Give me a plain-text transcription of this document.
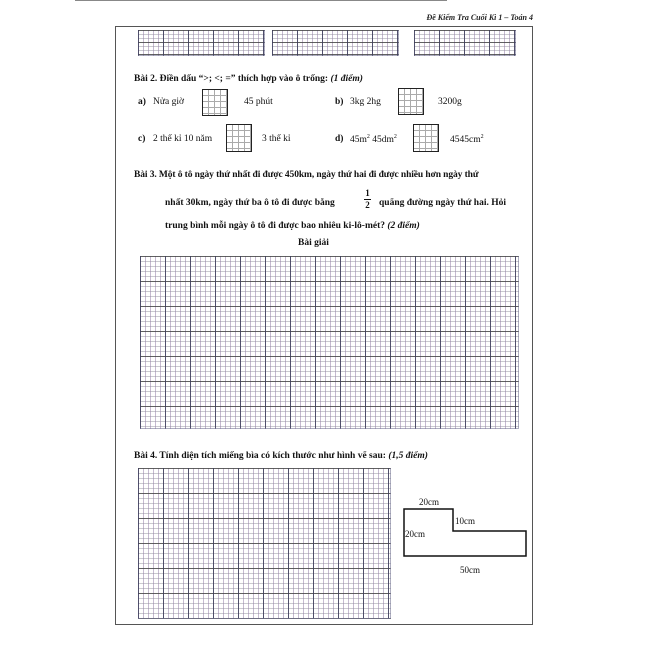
Đề Kiểm Tra Cuối Kì 1 – Toán 4
Bài 2. Điền dấu “>; <; =” thích hợp vào ô trống: (1 điểm)
a) Nửa giờ	45 phút	b) 3kg 2hg	3200g
c) 2 thế kỉ 10 năm	3 thế kỉ	d) $45m^2$ $45dm^2$	$4545cm^2$
Bài 3. Một ô tô ngày thứ nhất đi được 450km, ngày thứ hai đi được nhiều hơn ngày thứ
nhất 30km, ngày thứ ba ô tô đi được bằng
1
2 quãng đường ngày thứ hai. Hỏi
trung bình mỗi ngày ô tô đi được bao nhiêu ki-lô-mét? (2 điểm)
Bài giải
Bài 4. Tính diện tích miếng bìa có kích thước như hình vẽ sau: (1,5 điểm)
20cm
10cm
20cm
50cm
